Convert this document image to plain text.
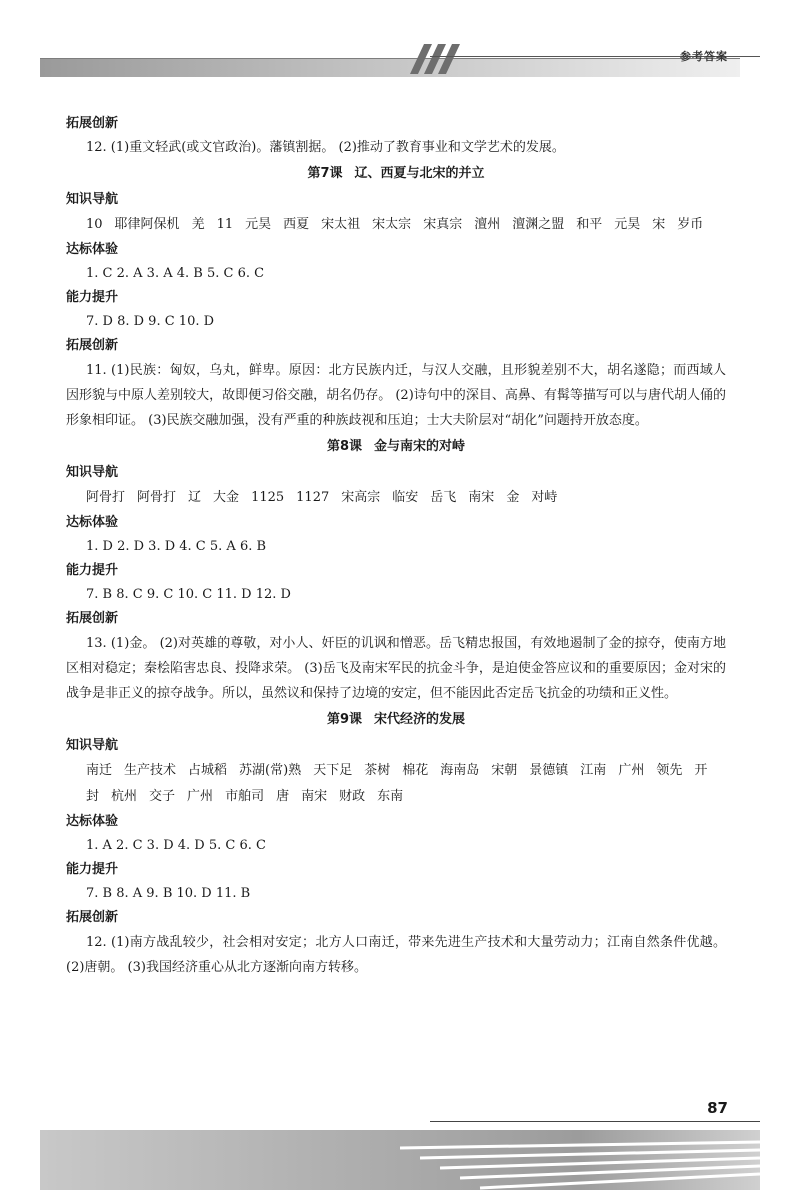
参考答案

拓展创新

12. (1)重文轻武(或文官政治)。藩镇割据。 (2)推动了教育事业和文学艺术的发展。

第7课 辽、西夏与北宋的并立

知识导航

10 耶律阿保机 羌 11 元昊 西夏 宋太祖 宋太宗 宋真宗 澶州 澶渊之盟 和平 元昊 宋 岁币

达标体验

1. C 2. A 3. A 4. B 5. C 6. C

能力提升

7. D 8. D 9. C 10. D

拓展创新

11. (1)民族：匈奴，乌丸，鲜卑。原因：北方民族内迁，与汉人交融，且形貌差别不大，胡名遂隐；而西域人因形貌与中原人差别较大，故即便习俗交融，胡名仍存。 (2)诗句中的深目、高鼻、有髯等描写可以与唐代胡人俑的形象相印证。 (3)民族交融加强，没有严重的种族歧视和压迫；士大夫阶层对“胡化”问题持开放态度。

第8课 金与南宋的对峙

知识导航

阿骨打 阿骨打 辽 大金 1125 1127 宋高宗 临安 岳飞 南宋 金 对峙

达标体验

1. D 2. D 3. D 4. C 5. A 6. B

能力提升

7. B 8. C 9. C 10. C 11. D 12. D

拓展创新

13. (1)金。 (2)对英雄的尊敬，对小人、奸臣的讥讽和憎恶。岳飞精忠报国，有效地遏制了金的掠夺，使南方地区相对稳定；秦桧陷害忠良、投降求荣。 (3)岳飞及南宋军民的抗金斗争，是迫使金答应议和的重要原因；金对宋的战争是非正义的掠夺战争。所以，虽然议和保持了边境的安定，但不能因此否定岳飞抗金的功绩和正义性。

第9课 宋代经济的发展

知识导航

南迁 生产技术 占城稻 苏湖(常)熟 天下足 茶树 棉花 海南岛 宋朝 景德镇 江南 广州 领先 开封 杭州 交子 广州 市舶司 唐 南宋 财政 东南

达标体验

1. A 2. C 3. D 4. D 5. C 6. C

能力提升

7. B 8. A 9. B 10. D 11. B

拓展创新

12. (1)南方战乱较少，社会相对安定；北方人口南迁，带来先进生产技术和大量劳动力；江南自然条件优越。 (2)唐朝。 (3)我国经济重心从北方逐渐向南方转移。

87
